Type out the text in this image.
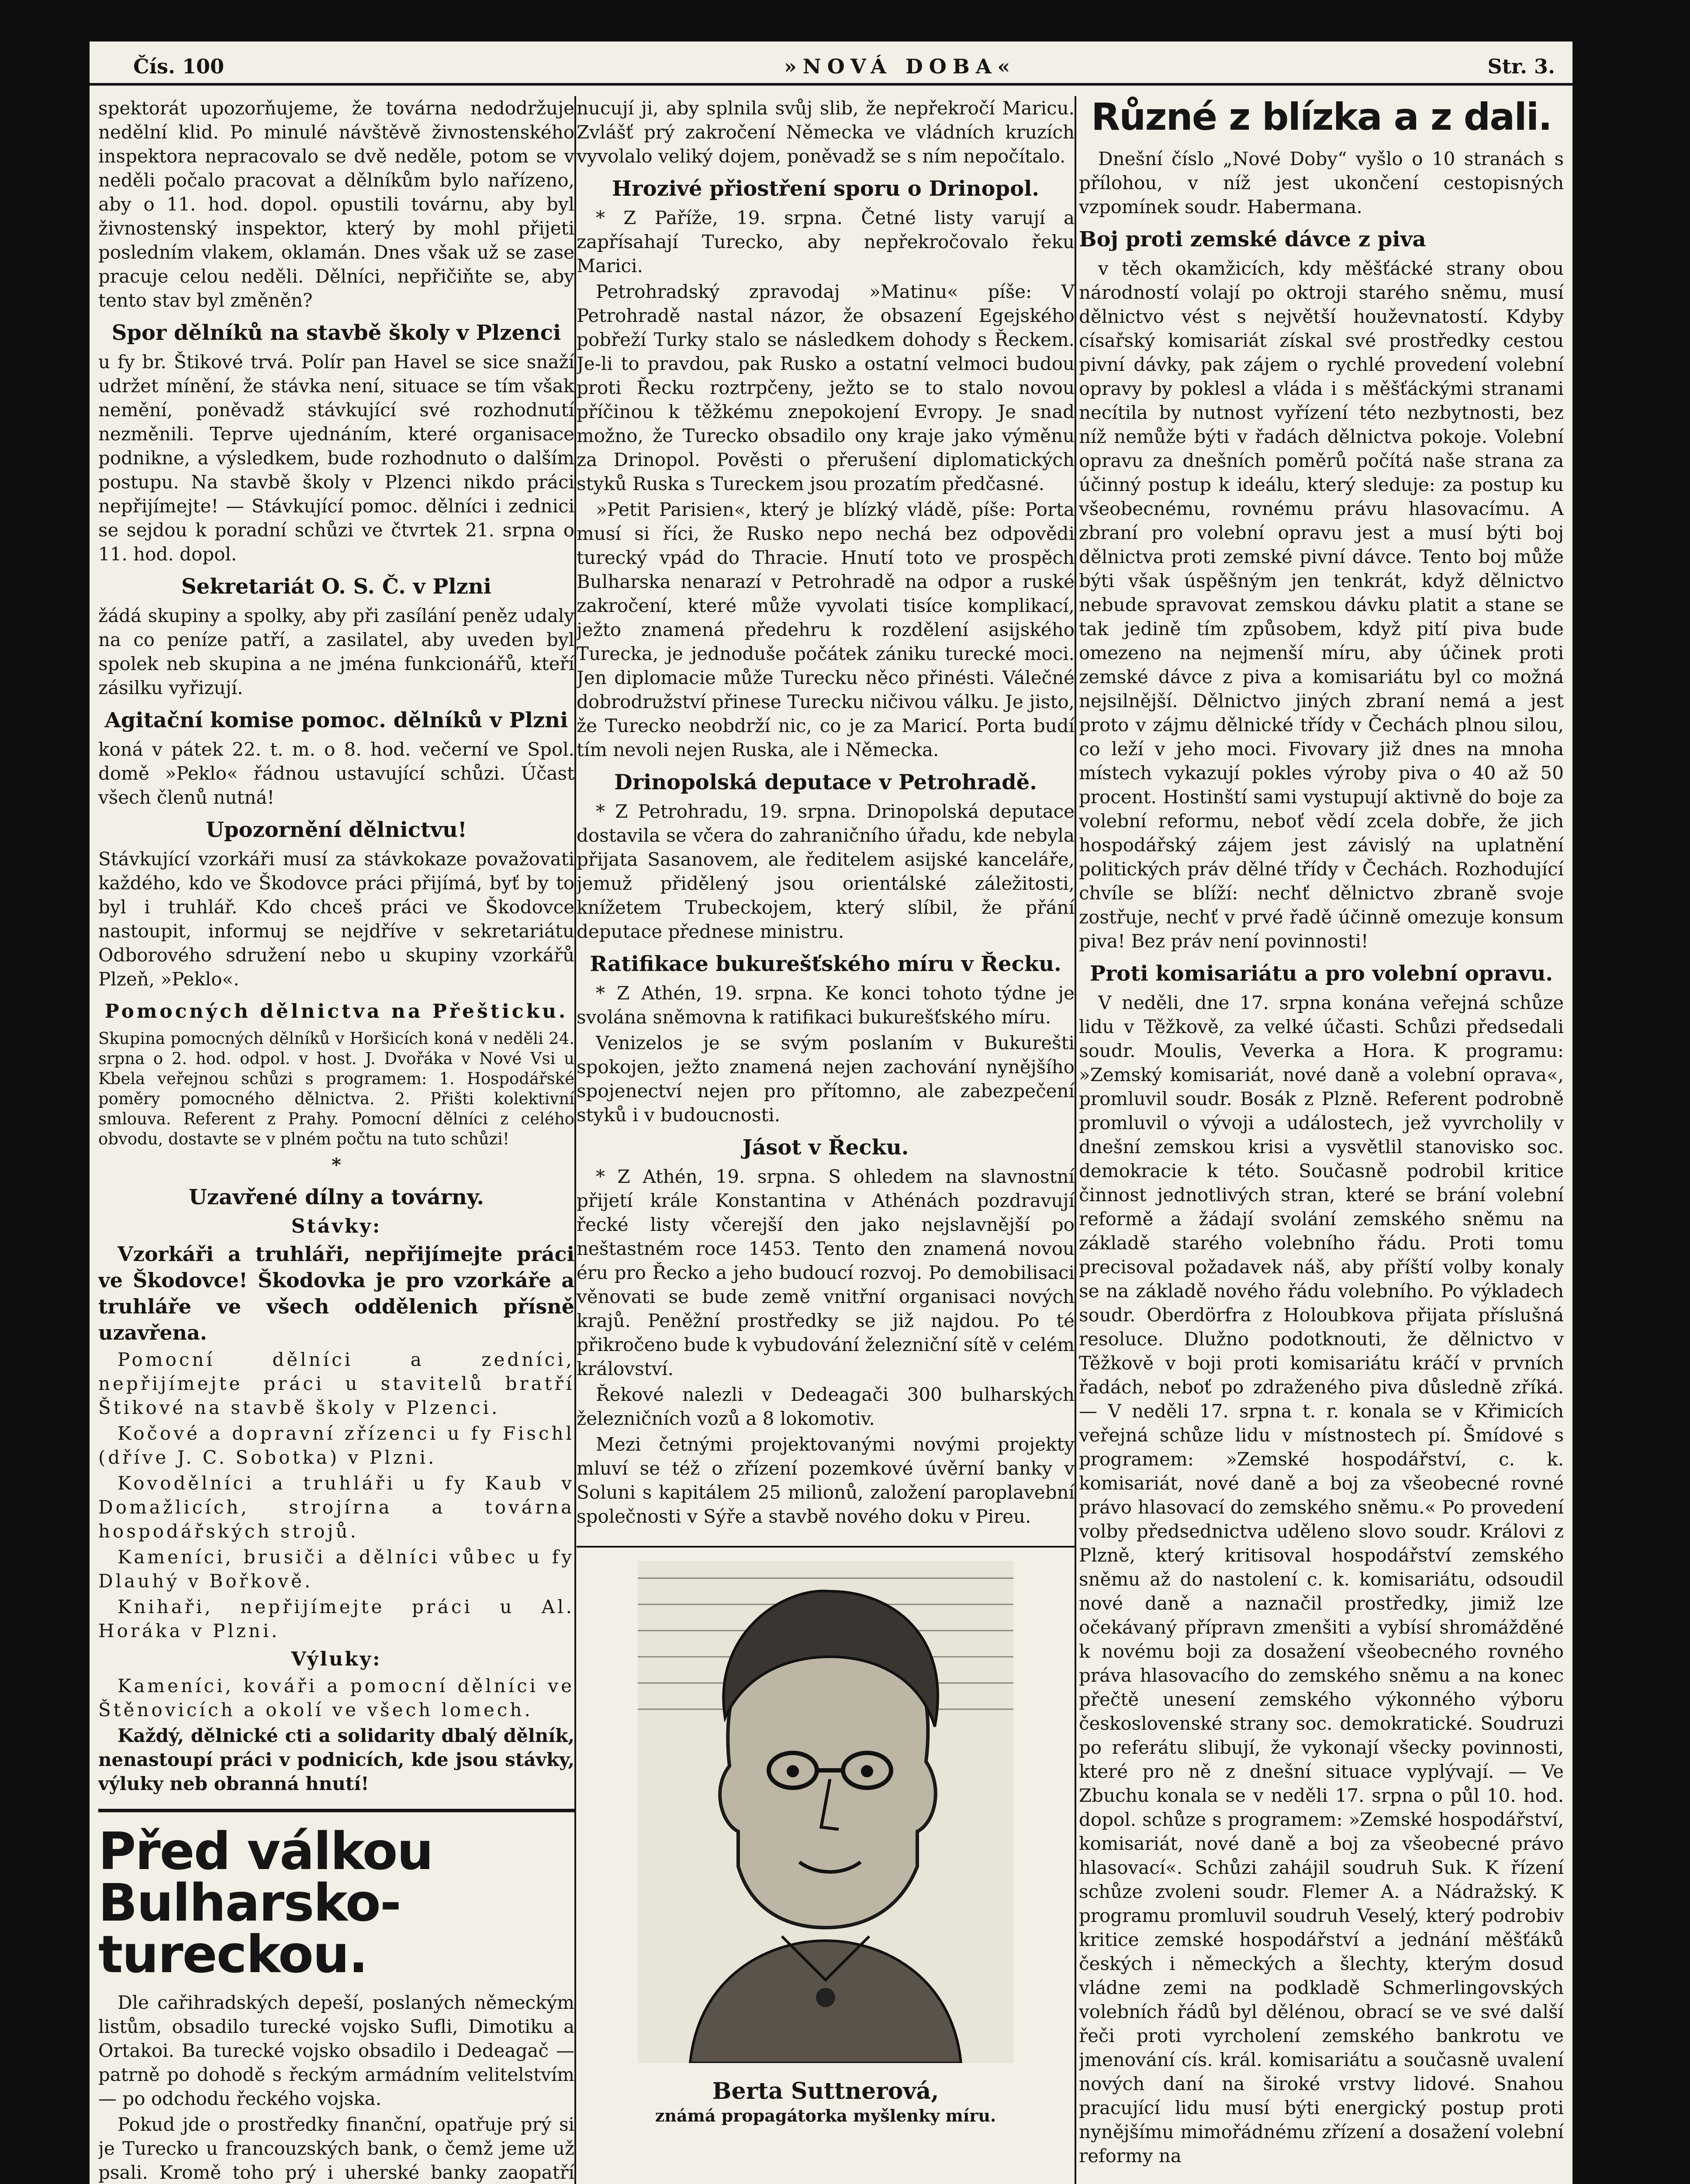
Čís. 100	»NOVÁ DOBA«	Str. 3.

spektorát upozorňujeme, že továrna nedodržuje nedělní klid. Po minulé návštěvě živnostenského inspektora nepracovalo se dvě neděle, potom se v neděli počalo pracovat a dělníkům bylo nařízeno, aby o 11. hod. dopol. opustili továrnu, aby byl živnostenský inspektor, který by mohl přijeti posledním vlakem, oklamán. Dnes však už se zase pracuje celou neděli. Dělníci, nepřičiňte se, aby tento stav byl změněn?

Spor dělníků na stavbě školy v Plzenci

u fy br. Štikové trvá. Polír pan Havel se sice snaží udržet mínění, že stávka není, situace se tím však nemění, poněvadž stávkující své rozhodnutí nezměnili. Teprve ujednáním, které organisace podnikne, a výsledkem, bude rozhodnuto o dalším postupu. Na stavbě školy v Plzenci nikdo práci nepřijímejte! — Stávkující pomoc. dělníci i zednici se sejdou k poradní schůzi ve čtvrtek 21. srpna o 11. hod. dopol.

Sekretariát O. S. Č. v Plzni

žádá skupiny a spolky, aby při zasílání peněz udaly na co peníze patří, a zasilatel, aby uveden byl spolek neb skupina a ne jména funkcionářů, kteří zásilku vyřizují.

Agitační komise pomoc. dělníků v Plzni

koná v pátek 22. t. m. o 8. hod. večerní ve Spol. domě »Peklo« řádnou ustavující schůzi. Účast všech členů nutná!

Upozornění dělnictvu!

Stávkující vzorkáři musí za stávkokaze považovati každého, kdo ve Škodovce práci přijímá, byť by to byl i truhlář. Kdo chceš práci ve Škodovce nastoupit, informuj se nejdříve v sekretariátu Odborového sdružení nebo u skupiny vzorkářů Plzeň, »Peklo«.

Pomocných dělnictva na Přešticku.

Skupina pomocných dělníků v Horšicích koná v neděli 24. srpna o 2. hod. odpol. v host. J. Dvořáka v Nové Vsi u Kbela veřejnou schůzi s programem: 1. Hospodářské poměry pomocného dělnictva. 2. Přišti kolektivní smlouva. Referent z Prahy. Pomocní dělníci z celého obvodu, dostavte se v plném počtu na tuto schůzi!

*
Uzavřené dílny a továrny.
Stávky:

Vzorkáři a truhláři, nepřijímejte práci ve Škodovce! Škodovka je pro vzorkáře a truhláře ve všech oddělenich přísně uzavřena.

Pomocní dělníci a zedníci, nepřijímejte práci u stavitelů bratří Štikové na stavbě školy v Plzenci.

Kočové a dopravní zřízenci u fy Fischl (dříve J. C. Sobotka) v Plzni.

Kovodělníci a truhláři u fy Kaub v Domažlicích, strojírna a továrna hospodářských strojů.

Kameníci, brusiči a dělníci vůbec u fy Dlauhý v Bořkově.

Knihaři, nepřijímejte práci u Al. Horáka v Plzni.

Výluky:

Kameníci, kováři a pomocní dělníci ve Štěnovicích a okolí ve všech lomech.

Každý, dělnické cti a solidarity dbalý dělník, nenastoupí práci v podnicích, kde jsou stávky, výluky neb obranná hnutí!

Před válkou Bulharsko-tureckou.

Dle cařihradských depeší, poslaných německým listům, obsadilo turecké vojsko Sufli, Dimotiku a Ortakoi. Ba turecké vojsko obsadilo i Dedeagač — patrně po dohodě s řeckým armádním velitelstvím — po odchodu řeckého vojska.

Pokud jde o prostředky finanční, opatřuje prý si je Turecko u francouzských bank, o čemž jeme už psali. Kromě toho prý i uherské banky zaopatří

nucují ji, aby splnila svůj slib, že nepřekročí Maricu. Zvlášť prý zakročení Německa ve vládních kruzích vyvolalo veliký dojem, poněvadž se s ním nepočítalo.

Hrozivé přiostření sporu o Drinopol.

* Z Paříže, 19. srpna. Četné listy varují a zapřísahají Turecko, aby nepřekročovalo řeku Marici.

Petrohradský zpravodaj »Matinu« píše: V Petrohradě nastal názor, že obsazení Egejského pobřeží Turky stalo se následkem dohody s Řeckem. Je-li to pravdou, pak Rusko a ostatní velmoci budou proti Řecku roztrpčeny, ježto se to stalo novou příčinou k těžkému znepokojení Evropy. Je snad možno, že Turecko obsadilo ony kraje jako výměnu za Drinopol. Pověsti o přerušení diplomatických styků Ruska s Tureckem jsou prozatím předčasné.

»Petit Parisien«, který je blízký vládě, píše: Porta musí si říci, že Rusko nepo nechá bez odpovědi turecký vpád do Thracie. Hnutí toto ve prospěch Bulharska nenarazí v Petrohradě na odpor a ruské zakročení, které může vyvolati tisíce komplikací, ježto znamená předehru k rozdělení asijského Turecka, je jednoduše počátek zániku turecké moci. Jen diplomacie může Turecku něco přinésti. Válečné dobrodružství přinese Turecku ničivou válku. Je jisto, že Turecko neobdrží nic, co je za Maricí. Porta budí tím nevoli nejen Ruska, ale i Německa.

Drinopolská deputace v Petrohradě.

* Z Petrohradu, 19. srpna. Drinopolská deputace dostavila se včera do zahraničního úřadu, kde nebyla přijata Sasanovem, ale ředitelem asijské kanceláře, jemuž přidělený jsou orientálské záležitosti, knížetem Trubeckojem, který slíbil, že přání deputace přednese ministru.

Ratifikace bukurešťského míru v Řecku.

* Z Athén, 19. srpna. Ke konci tohoto týdne je svolána sněmovna k ratifikaci bukurešťského míru.

Venizelos je se svým poslaním v Bukurešti spokojen, ježto znamená nejen zachování nynějšího spojenectví nejen pro přítomno, ale zabezpečení styků i v budoucnosti.

Jásot v Řecku.

* Z Athén, 19. srpna. S ohledem na slavnostní přijetí krále Konstantina v Athénách pozdravují řecké listy včerejší den jako nejslavnější po neštastném roce 1453. Tento den znamená novou éru pro Řecko a jeho budoucí rozvoj. Po demobilisaci věnovati se bude země vnitřní organisaci nových krajů. Peněžní prostředky se již najdou. Po té přikročeno bude k vybudování železniční sítě v celém království.

Řekové nalezli v Dedeagači 300 bulharských železničních vozů a 8 lokomotiv.

Mezi četnými projektovanými novými projekty mluví se též o zřízení pozemkové úvěrní banky v Soluni s kapitálem 25 milionů, založení paroplavební společnosti v Sýře a stavbě nového doku v Pireu.

Berta Suttnerová,
známá propagátorka myšlenky míru.
Různé z blízka a z dali.

Dnešní číslo „Nové Doby“ vyšlo o 10 stranách s přílohou, v níž jest ukončení cestopisných vzpomínek soudr. Habermana.

Boj proti zemské dávce z piva

v těch okamžicích, kdy měšťácké strany obou národností volají po oktroji starého sněmu, musí dělnictvo vést s největší houževnatostí. Kdyby císařský komisariát získal své prostředky cestou pivní dávky, pak zájem o rychlé provedení volební opravy by poklesl a vláda i s měšťáckými stranami necítila by nutnost vyřízení této nezbytnosti, bez níž nemůže býti v řadách dělnictva pokoje. Volební opravu za dnešních poměrů počítá naše strana za účinný postup k ideálu, který sleduje: za postup ku všeobecnému, rovnému právu hlasovacímu. A zbraní pro volební opravu jest a musí býti boj dělnictva proti zemské pivní dávce. Tento boj může býti však úspěšným jen tenkrát, když dělnictvo nebude spravovat zemskou dávku platit a stane se tak jedině tím způsobem, když pití piva bude omezeno na nejmenší míru, aby účinek proti zemské dávce z piva a komisariátu byl co možná nejsilnější. Dělnictvo jiných zbraní nemá a jest proto v zájmu dělnické třídy v Čechách plnou silou, co leží v jeho moci. Fivovary již dnes na mnoha místech vykazují pokles výroby piva o 40 až 50 procent. Hostinští sami vystupují aktivně do boje za volební reformu, neboť vědí zcela dobře, že jich hospodářský zájem jest závislý na uplatnění politických práv dělné třídy v Čechách. Rozhodující chvíle se blíží: nechť dělnictvo zbraně svoje zostřuje, nechť v prvé řadě účinně omezuje konsum piva! Bez práv není povinnosti!

Proti komisariátu a pro volební opravu.

V neděli, dne 17. srpna konána veřejná schůze lidu v Těžkově, za velké účasti. Schůzi předsedali soudr. Moulis, Veverka a Hora. K programu: »Zemský komisariát, nové daně a volební oprava«, promluvil soudr. Bosák z Plzně. Referent podrobně promluvil o vývoji a událostech, jež vyvrcholily v dnešní zemskou krisi a vysvětlil stanovisko soc. demokracie k této. Současně podrobil kritice činnost jednotlivých stran, které se brání volební reformě a žádají svolání zemského sněmu na základě starého volebního řádu. Proti tomu precisoval požadavek náš, aby příští volby konaly se na základě nového řádu volebního. Po výkladech soudr. Oberdörfra z Holoubkova přijata příslušná resoluce. Dlužno podotknouti, že dělnictvo v Těžkově v boji proti komisariátu kráčí v prvních řadách, neboť po zdraženého piva důsledně zříká. — V neděli 17. srpna t. r. konala se v Křimicích veřejná schůze lidu v místnostech pí. Šmídové s programem: »Zemské hospodářství, c. k. komisariát, nové daně a boj za všeobecné rovné právo hlasovací do zemského sněmu.« Po provedení volby předsednictva uděleno slovo soudr. Královi z Plzně, který kritisoval hospodářství zemského sněmu až do nastolení c. k. komisariátu, odsoudil nové daně a naznačil prostředky, jimiž lze očekávaný přípravn zmenšiti a vybísí shromážděné k novému boji za dosažení všeobecného rovného práva hlasovacího do zemského sněmu a na konec přečtě unesení zemského výkonného výboru československé strany soc. demokratické. Soudruzi po referátu slibují, že vykonají všecky povinnosti, které pro ně z dnešní situace vyplývají. — Ve Zbuchu konala se v neděli 17. srpna o půl 10. hod. dopol. schůze s programem: »Zemské hospodářství, komisariát, nové daně a boj za všeobecné právo hlasovací«. Schůzi zahájil soudruh Suk. K řízení schůze zvoleni soudr. Flemer A. a Nádražský. K programu promluvil soudruh Veselý, který podrobiv kritice zemské hospodářství a jednání měšťáků českých i německých a šlechty, kterým dosud vládne zemi na podkladě Schmerlingovských volebních řádů byl dělénou, obrací se ve své další řeči proti vyrcholení zemského bankrotu ve jmenování cís. král. komisariátu a současně uvalení nových daní na široké vrstvy lidové. Snahou pracující lidu musí býti energický postup proti nynějšímu mimořádnému zřízení a dosažení volební reformy na
